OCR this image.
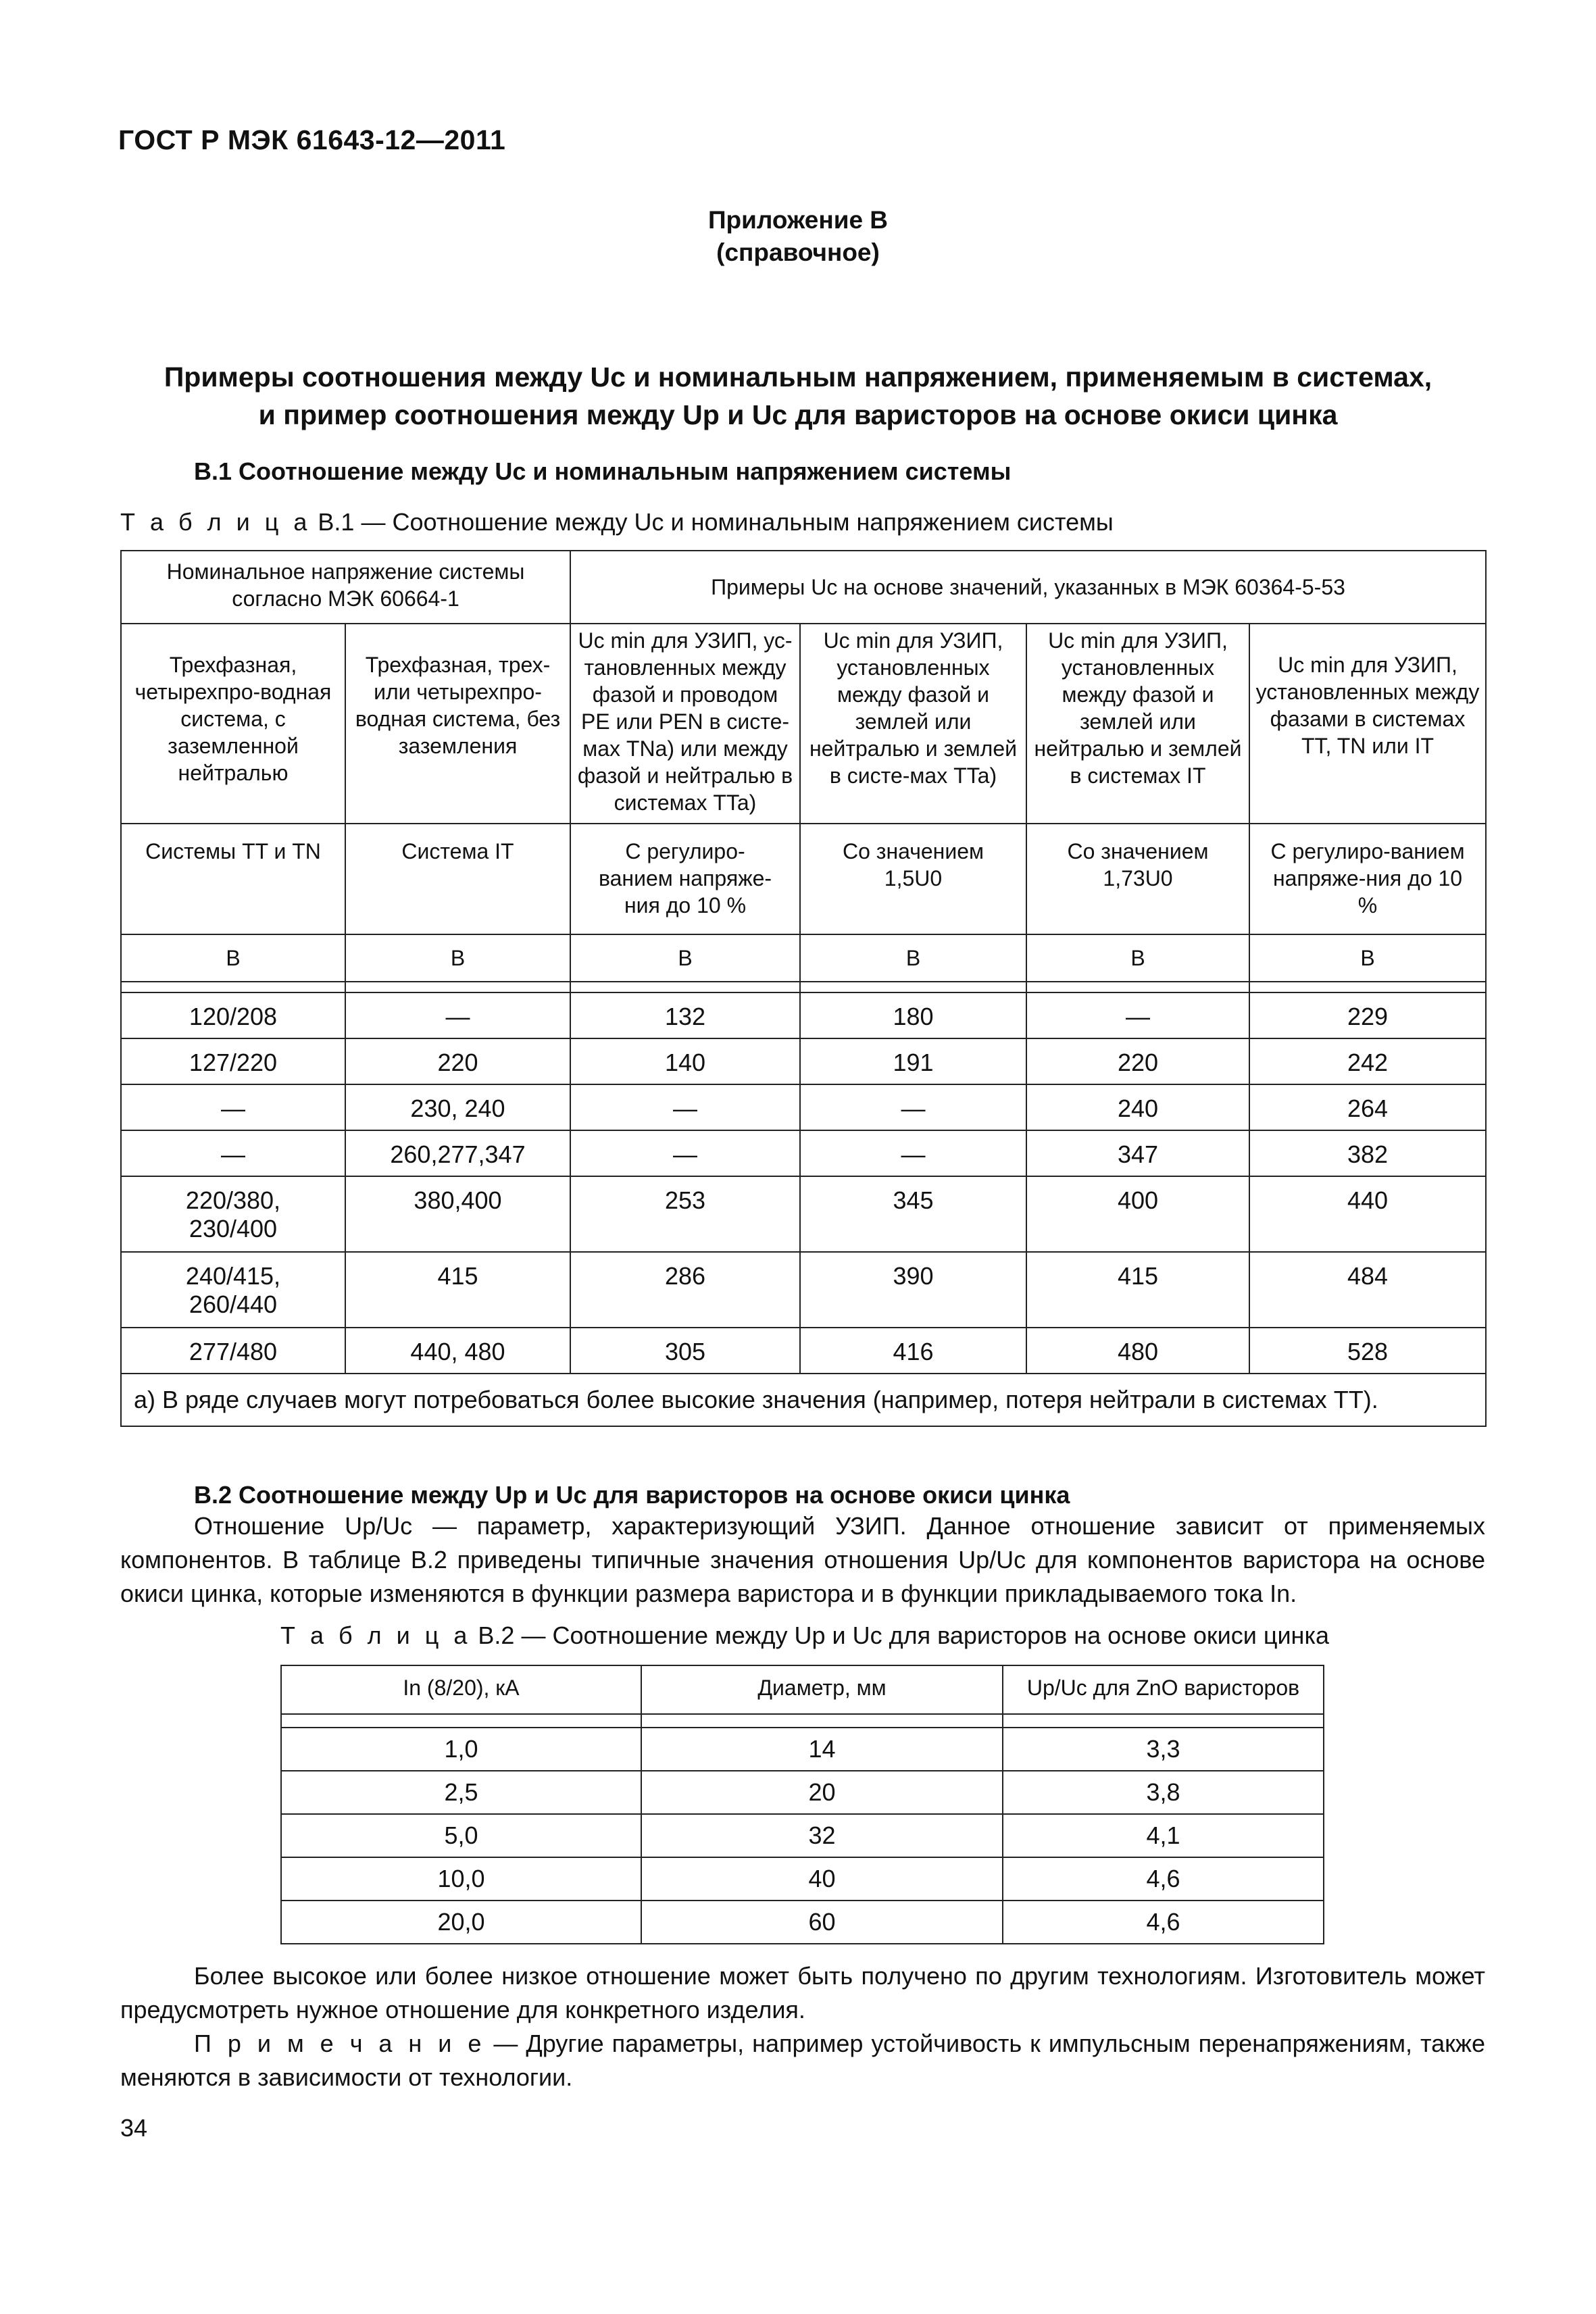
ГОСТ Р МЭК 61643-12—2011
Приложение В
(справочное)
Примеры соотношения между Uc и номинальным напряжением, применяемым в системах,
и пример соотношения между Up и Uc для варисторов на основе окиси цинка
В.1 Соотношение между Uc и номинальным напряжением системы
Т а б л и ц а В.1 — Соотношение между Uc и номинальным напряжением системы
Номинальное напряжение системы согласно МЭК 60664-1		Примеры Uc на основе значений, указанных в МЭК 60364-5-53			
Трехфазная, четырехпро-водная система, с заземленной нейтралью	Трехфазная, трех- или четырехпро-водная система, без заземления	Uc min для УЗИП, ус-тановленных между фазой и проводом PE или PEN в систе-мах TNa) или между фазой и нейтралью в системах TTa)	Uc min для УЗИП, установленных между фазой и землей или нейтралью и землей в систе-мах TTa)	Uc min для УЗИП, установленных между фазой и землей или нейтралью и землей в системах IT	Uc min для УЗИП, установленных между фазами в системах TT, TN или IT
Системы TT и TN	Система IT	С регулиро-ванием напряже-ния до 10 %	Со значением 1,5U0	Со значением 1,73U0	С регулиро-ванием напряже-ния до 10 %
В	В	В	В	В	В

120/208	—	132	180	—	229
127/220	220	140	191	220	242
—	230, 240	—	—	240	264
—	260,277,347	—	—	347	382
220/380, 230/400	380,400	253	345	400	440
240/415, 260/440	415	286	390	415	484
277/480	440, 480	305	416	480	528
a) В ряде случаев могут потребоваться более высокие значения (например, потеря нейтрали в системах TT).					
В.2 Соотношение между Up и Uc для варисторов на основе окиси цинка
Отношение Up/Uc — параметр, характеризующий УЗИП. Данное отношение зависит от применяемых компонентов. В таблице В.2 приведены типичные значения отношения Up/Uc для компонентов варистора на основе окиси цинка, которые изменяются в функции размера варистора и в функции прикладываемого тока In.
Т а б л и ц а В.2 — Соотношение между Up и Uc для варисторов на основе окиси цинка
In (8/20), кА	Диаметр, мм	Up/Uc для ZnO варисторов

1,0	14	3,3
2,5	20	3,8
5,0	32	4,1
10,0	40	4,6
20,0	60	4,6
Более высокое или более низкое отношение может быть получено по другим технологиям. Изготовитель может предусмотреть нужное отношение для конкретного изделия.
П р и м е ч а н и е — Другие параметры, например устойчивость к импульсным перенапряжениям, также меняются в зависимости от технологии.
34
